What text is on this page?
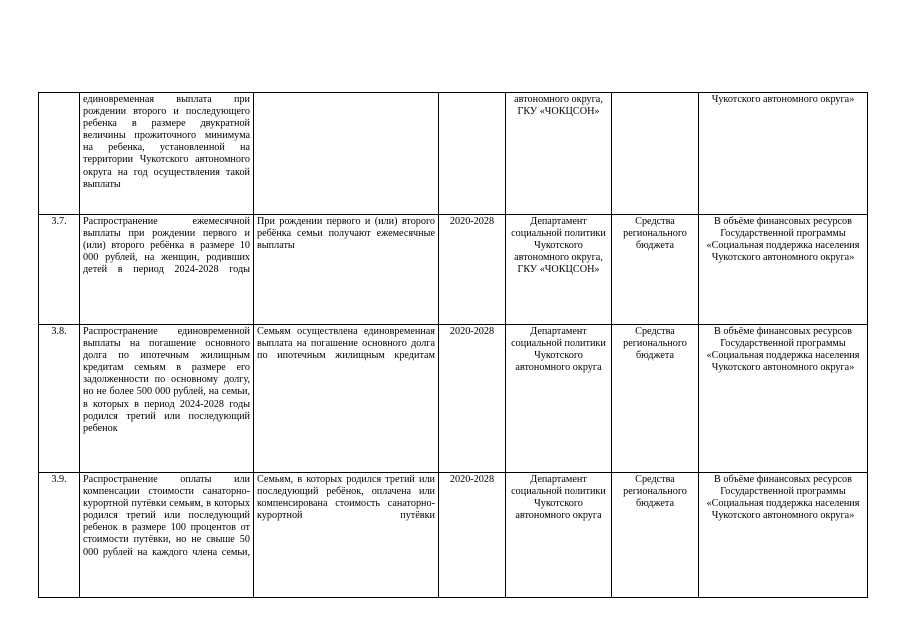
	единовременная выплата при рождении второго и последующего ребенка в размере двукратной величины прожиточного минимума на ребенка, установленной на территории Чукотского автономного округа на год осуществления такой выплаты			автономного округа, ГКУ «ЧОКЦСОН»		Чукотского автономного округа»
3.7.	Распространение ежемесячной выплаты при рождении первого и (или) второго ребёнка в размере 10 000 рублей, на женщин, родивших детей в период 2024-2028 годы	При рождении первого и (или) второго ребёнка семьи получают ежемесячные выплаты	2020-2028	Департамент социальной политики Чукотского автономного округа, ГКУ «ЧОКЦСОН»	Средства регионального бюджета	В объёме финансовых ресурсов Государственной программы «Социальная поддержка населения Чукотского автономного округа»
3.8.	Распространение единовременной выплаты на погашение основного долга по ипотечным жилищным кредитам семьям в размере его задолженности по основному долгу, но не более 500 000 рублей, на семьи, в которых в период 2024-2028 годы родился третий или последующий ребенок	Семьям осуществлена единовременная выплата на погашение основного долга по ипотечным жилищным кредитам	2020-2028	Департамент социальной политики Чукотского автономного округа	Средства регионального бюджета	В объёме финансовых ресурсов Государственной программы «Социальная поддержка населения Чукотского автономного округа»
3.9.	Распространение оплаты или компенсации стоимости санаторно-курортной путёвки семьям, в которых родился третий или последующий ребенок в размере 100 процентов от стоимости путёвки, но не свыше 50 000 рублей на каждого члена семьи,	Семьям, в которых родился третий или последующий ребёнок, оплачена или компенсирована стоимость санаторно-курортной путёвки	2020-2028	Департамент социальной политики Чукотского автономного округа	Средства регионального бюджета	В объёме финансовых ресурсов Государственной программы «Социальная поддержка населения Чукотского автономного округа»
